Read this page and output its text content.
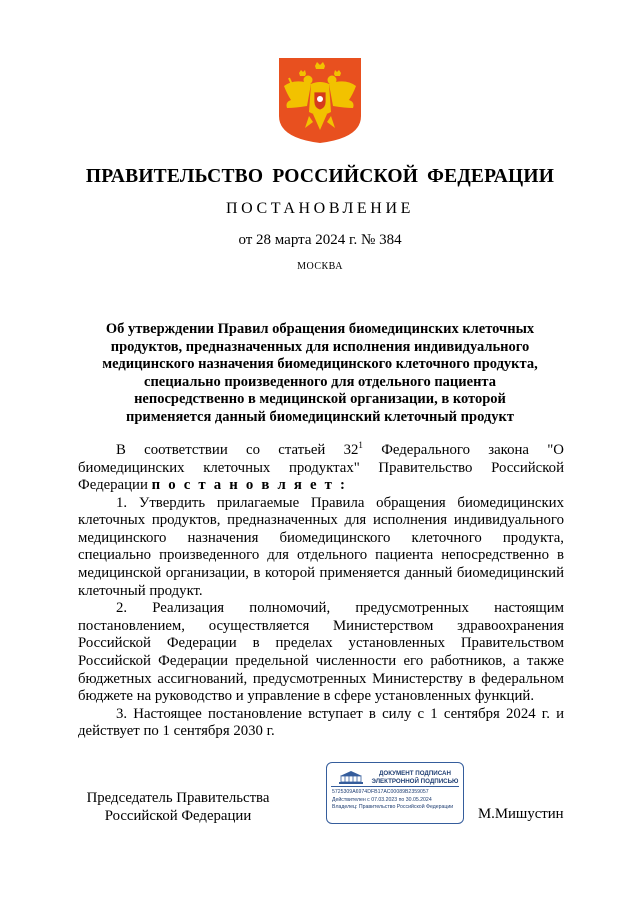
ПРАВИТЕЛЬСТВО РОССИЙСКОЙ ФЕДЕРАЦИИ
ПОСТАНОВЛЕНИЕ
от 28 марта 2024 г. № 384
МОСКВА
Об утверждении Правил обращения биомедицинских клеточных продуктов, предназначенных для исполнения индивидуального медицинского назначения биомедицинского клеточного продукта, специально произведенного для отдельного пациента непосредственно в медицинской организации, в которой применяется данный биомедицинский клеточный продукт

В соответствии со статьей $32^1$ Федерального закона "О биомедицинских клеточных продуктах" Правительство Российской Федерации п о с т а н о в л я е т :

1. Утвердить прилагаемые Правила обращения биомедицинских клеточных продуктов, предназначенных для исполнения индивидуального медицинского назначения биомедицинского клеточного продукта, специально произведенного для отдельного пациента непосредственно в медицинской организации, в которой применяется данный биомедицинский клеточный продукт.

2. Реализация полномочий, предусмотренных настоящим постановлением, осуществляется Министерством здравоохранения Российской Федерации в пределах установленных Правительством Российской Федерации предельной численности его работников, а также бюджетных ассигнований, предусмотренных Министерству в федеральном бюджете на руководство и управление в сфере установленных функций.

3. Настоящее постановление вступает в силу с 1 сентября 2024 г. и действует по 1 сентября 2030 г.

Председатель Правительства
Российской Федерации
ДОКУМЕНТ ПОДПИСАН
ЭЛЕКТРОННОЙ ПОДПИСЬЮ
5725309A6974DFB17AC00089B2359057
Действителен с 07.03.2023 по 30.05.2024
Владелец: Правительство Российской Федерации	М.Мишустин
